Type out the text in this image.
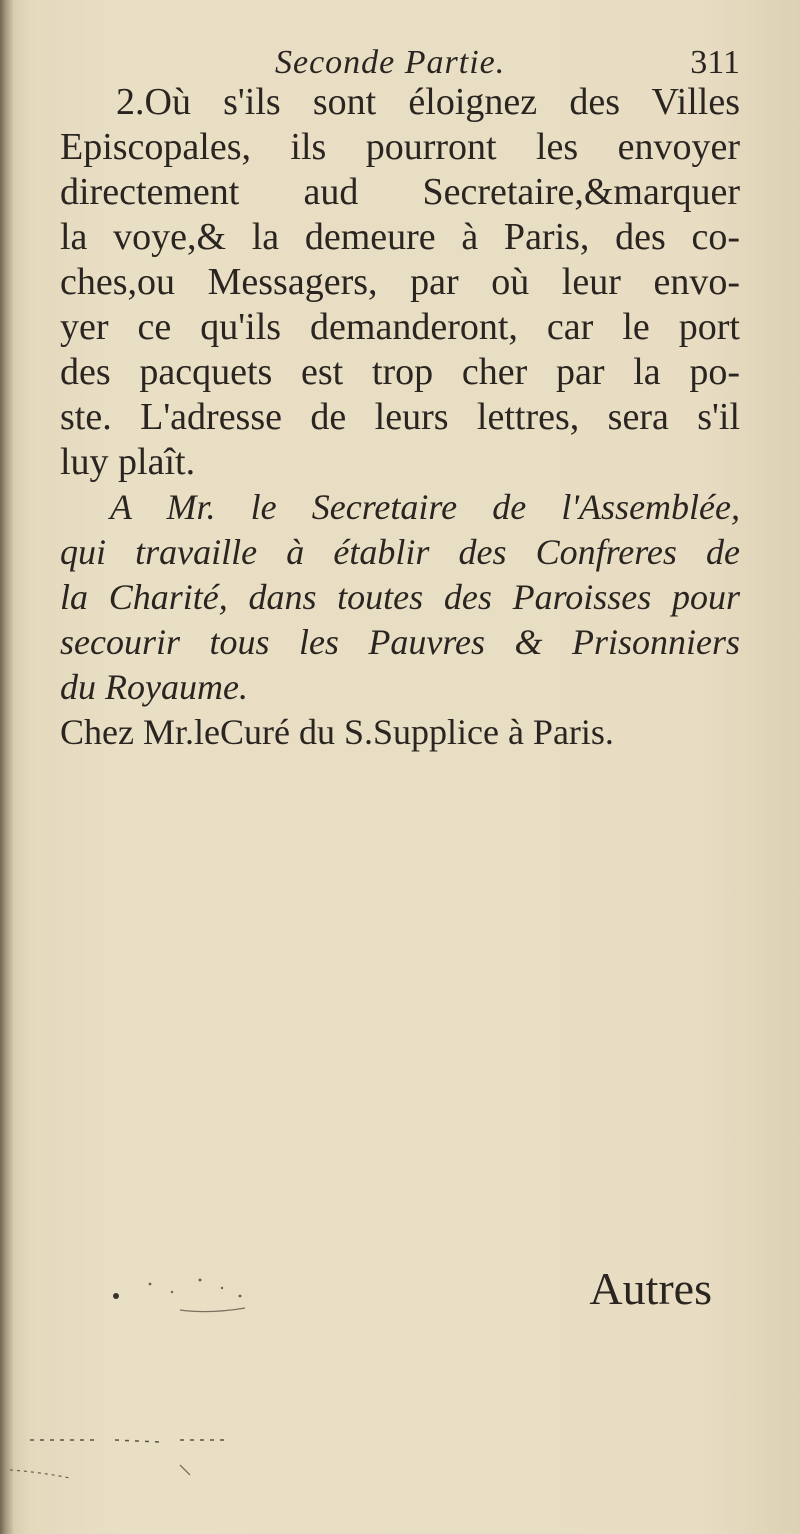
Seconde Partie.	311
2.Où s'ils sont éloignez des Villes
Episcopales, ils pourront les envoyer
directement aud Secretaire,&marquer
la voye,& la demeure à Paris, des co-
ches,ou Messagers, par où leur envo-
yer ce qu'ils demanderont, car le port
des pacquets est trop cher par la po-
ste. L'adresse de leurs lettres, sera s'il
luy plaît.
A Mr. le Secretaire de l'Assemblée,
qui travaille à établir des Confreres de
la Charité, dans toutes des Paroisses pour
secourir tous les Pauvres & Prisonniers
du Royaume.
Chez Mr.leCuré du S.Supplice à Paris.
Autres
